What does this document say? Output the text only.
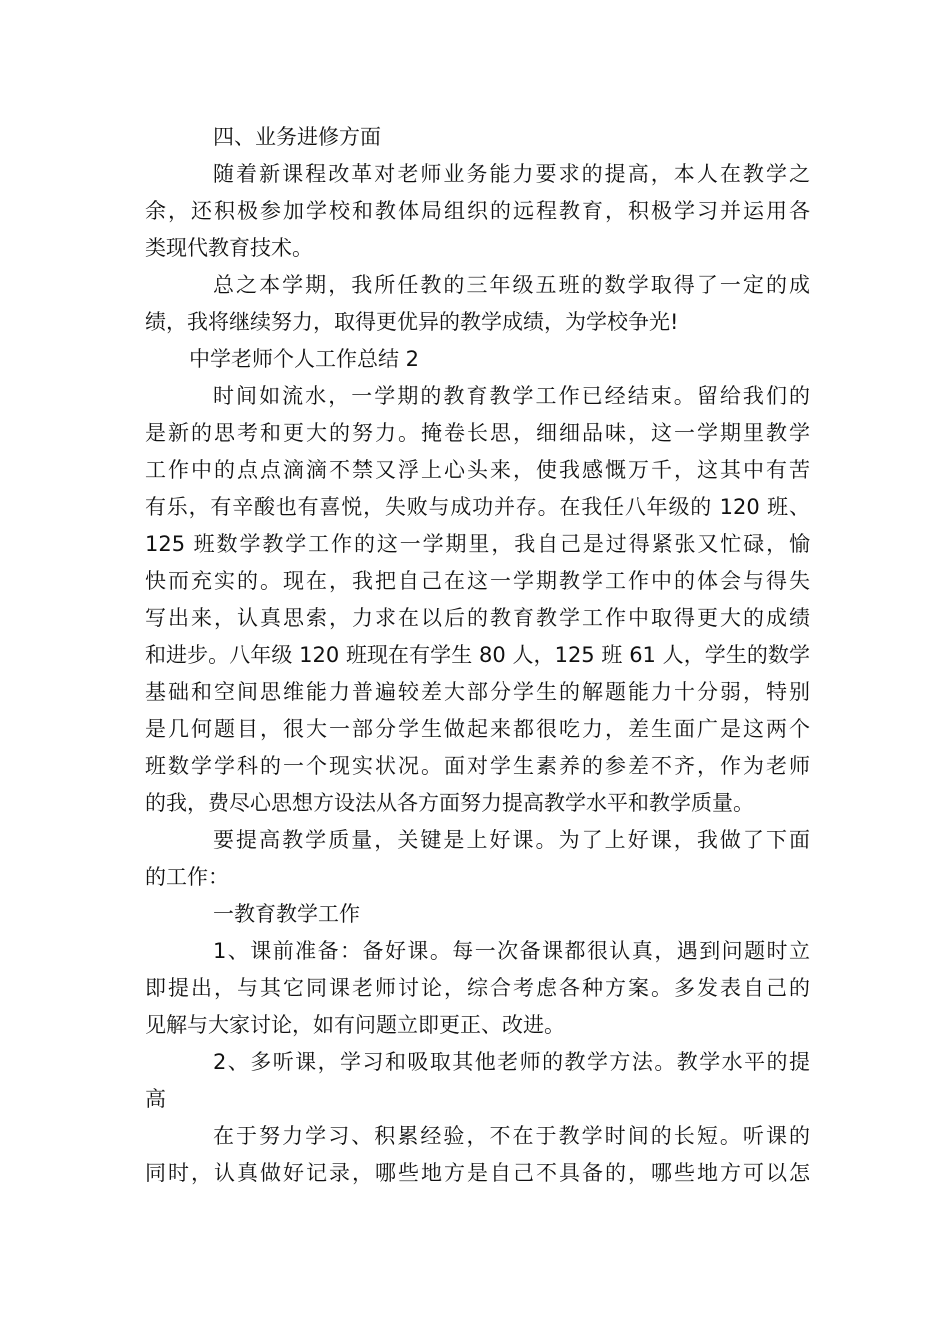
四、业务进修方面
随着新课程改革对老师业务能力要求的提高，本人在教学之
余，还积极参加学校和教体局组织的远程教育，积极学习并运用各
类现代教育技术。
总之本学期，我所任教的三年级五班的数学取得了一定的成
绩，我将继续努力，取得更优异的教学成绩，为学校争光!
中学老师个人工作总结 2
时间如流水，一学期的教育教学工作已经结束。留给我们的
是新的思考和更大的努力。掩卷长思，细细品味，这一学期里教学
工作中的点点滴滴不禁又浮上心头来，使我感慨万千，这其中有苦
有乐，有辛酸也有喜悦，失败与成功并存。在我任八年级的 120 班、
125 班数学教学工作的这一学期里，我自己是过得紧张又忙碌，愉
快而充实的。现在，我把自己在这一学期教学工作中的体会与得失
写出来，认真思索，力求在以后的教育教学工作中取得更大的成绩
和进步。八年级 120 班现在有学生 80 人，125 班 61 人，学生的数学
基础和空间思维能力普遍较差大部分学生的解题能力十分弱，特别
是几何题目，很大一部分学生做起来都很吃力，差生面广是这两个
班数学学科的一个现实状况。面对学生素养的参差不齐，作为老师
的我，费尽心思想方设法从各方面努力提高教学水平和教学质量。
要提高教学质量，关键是上好课。为了上好课，我做了下面
的工作：
一教育教学工作
1、课前准备：备好课。每一次备课都很认真，遇到问题时立
即提出，与其它同课老师讨论，综合考虑各种方案。多发表自己的
见解与大家讨论，如有问题立即更正、改进。
2、多听课，学习和吸取其他老师的教学方法。教学水平的提
高
在于努力学习、积累经验，不在于教学时间的长短。听课的
同时，认真做好记录，哪些地方是自己不具备的，哪些地方可以怎
